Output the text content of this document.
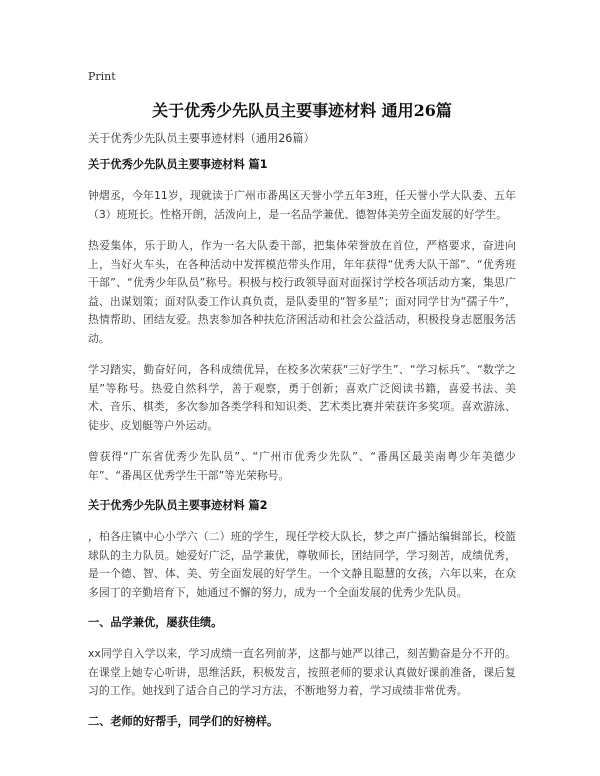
Print
关于优秀少先队员主要事迹材料 通用26篇

关于优秀少先队员主要事迹材料（通用26篇）

关于优秀少先队员主要事迹材料 篇1

钟熠丞，今年11岁，现就读于广州市番禺区天誉小学五年3班，任天誉小学大队委、五年（3）班班长。性格开朗，活泼向上，是一名品学兼优、德智体美劳全面发展的好学生。

热爱集体，乐于助人，作为一名大队委干部，把集体荣誉放在首位，严格要求，奋进向上，当好火车头，在各种活动中发挥模范带头作用，年年获得“优秀大队干部”、“优秀班干部”、“优秀少年队员”称号。积极与校行政领导面对面探讨学校各项活动方案，集思广益、出谋划策；面对队委工作认真负责，是队委里的“智多星”；面对同学甘为“孺子牛”，热情帮助、团结友爱。热衷参加各种扶危济困活动和社会公益活动，积极投身志愿服务活动。

学习踏实，勤奋好问，各科成绩优异，在校多次荣获“三好学生”、“学习标兵”、“数学之星”等称号。热爱自然科学，善于观察，勇于创新；喜欢广泛阅读书籍，喜爱书法、美术、音乐、棋类，多次参加各类学科和知识类、艺术类比赛并荣获许多奖项。喜欢游泳、徒步、皮划艇等户外运动。

曾获得“广东省优秀少先队员”、“广州市优秀少先队”、“番禺区最美南粤少年美德少年”、“番禺区优秀学生干部”等光荣称号。

关于优秀少先队员主要事迹材料 篇2

，柏各庄镇中心小学六（二）班的学生，现任学校大队长，梦之声广播站编辑部长，校篮球队的主力队员。她爱好广泛，品学兼优，尊敬师长，团结同学，学习刻苦，成绩优秀，是一个德、智、体、美、劳全面发展的好学生。一个文静且聪慧的女孩，六年以来，在众多园丁的辛勤培育下，她通过不懈的努力，成为一个全面发展的优秀少先队员。

一、品学兼优，屡获佳绩。

xx同学自入学以来，学习成绩一直名列前茅，这都与她严以律己，刻苦勤奋是分不开的。在课堂上她专心听讲，思维活跃，积极发言，按照老师的要求认真做好课前准备，课后复习的工作。她找到了适合自己的学习方法，不断地努力着，学习成绩非常优秀。

二、老师的好帮手，同学们的好榜样。
